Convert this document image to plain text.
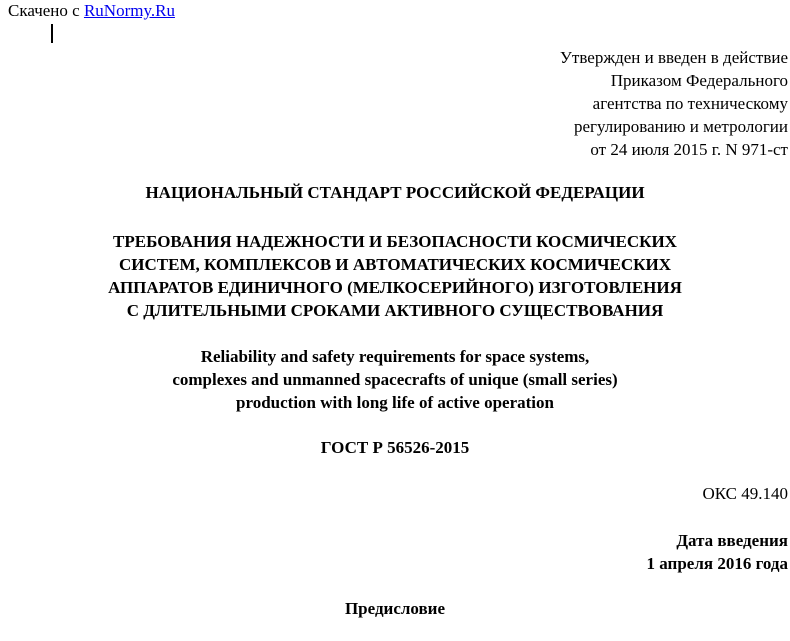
Скачено с RuNormy.Ru
Утвержден и введен в действие
Приказом Федерального
агентства по техническому
регулированию и метрологии
от 24 июля 2015 г. N 971-ст
НАЦИОНАЛЬНЫЙ СТАНДАРТ РОССИЙСКОЙ ФЕДЕРАЦИИ
ТРЕБОВАНИЯ НАДЕЖНОСТИ И БЕЗОПАСНОСТИ КОСМИЧЕСКИХ
СИСТЕМ, КОМПЛЕКСОВ И АВТОМАТИЧЕСКИХ КОСМИЧЕСКИХ
АППАРАТОВ ЕДИНИЧНОГО (МЕЛКОСЕРИЙНОГО) ИЗГОТОВЛЕНИЯ
С ДЛИТЕЛЬНЫМИ СРОКАМИ АКТИВНОГО СУЩЕСТВОВАНИЯ
Reliability and safety requirements for space systems,
complexes and unmanned spacecrafts of unique (small series)
production with long life of active operation
ГОСТ Р 56526-2015
ОКС 49.140
Дата введения
1 апреля 2016 года
Предисловие
